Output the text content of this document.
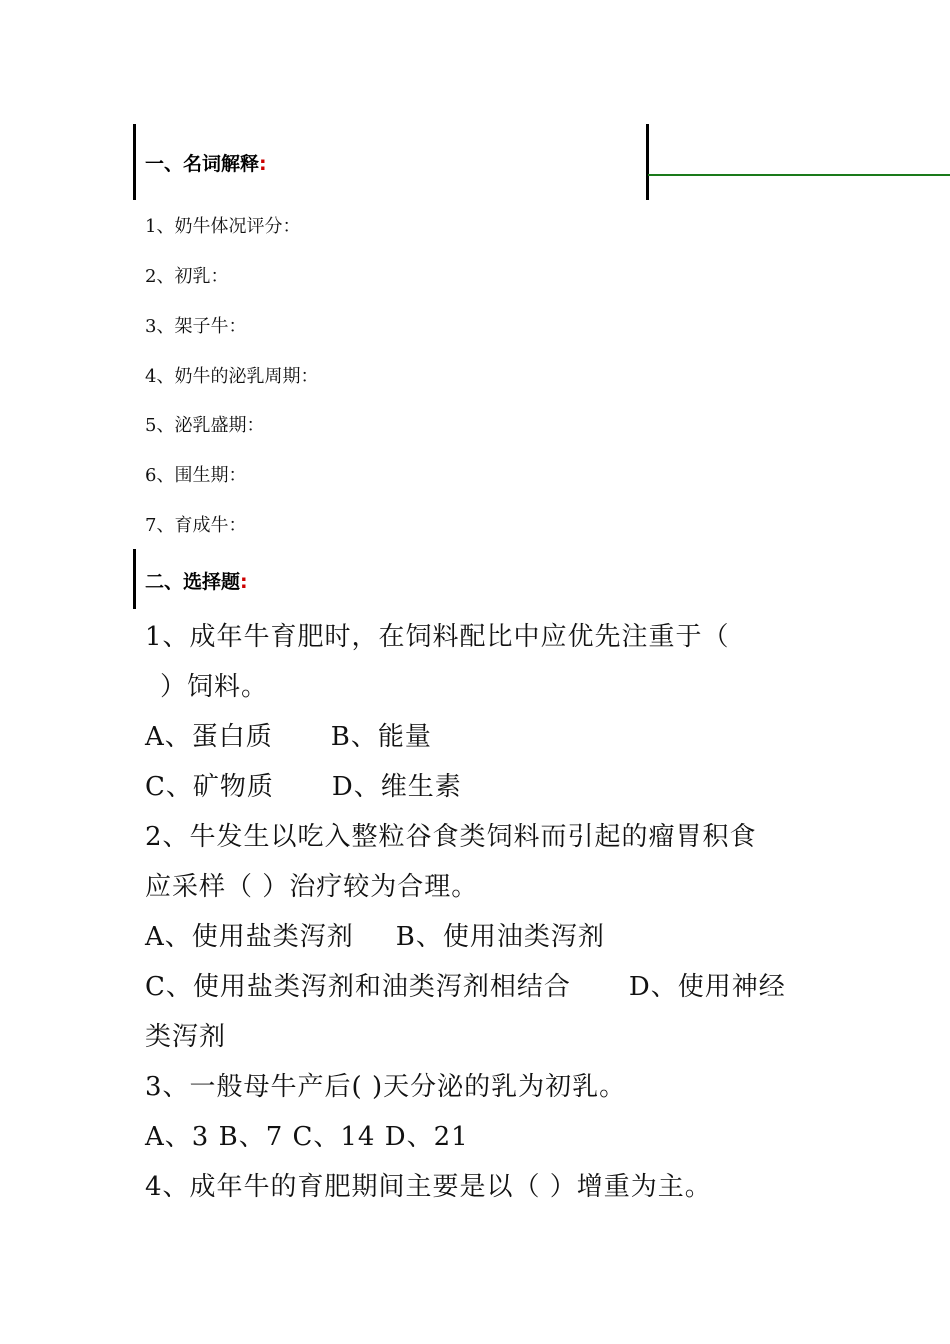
一、名词解释:
1、奶牛体况评分：
2、初乳：
3、架子牛：
4、奶牛的泌乳周期：
5、泌乳盛期：
6、围生期：
7、育成牛：
二、选择题:
1、成年牛育肥时，在饲料配比中应优先注重于（
）饲料。
A、蛋白质 B、能量
C、矿物质 D、维生素
2、牛发生以吃入整粒谷食类饲料而引起的瘤胃积食
应采样（ ）治疗较为合理。
A、使用盐类泻剂 B、使用油类泻剂
C、使用盐类泻剂和油类泻剂相结合 D、使用神经
类泻剂
3、一般母牛产后( )天分泌的乳为初乳。
A、3 B、7 C、14 D、21
4、成年牛的育肥期间主要是以（ ）增重为主。
